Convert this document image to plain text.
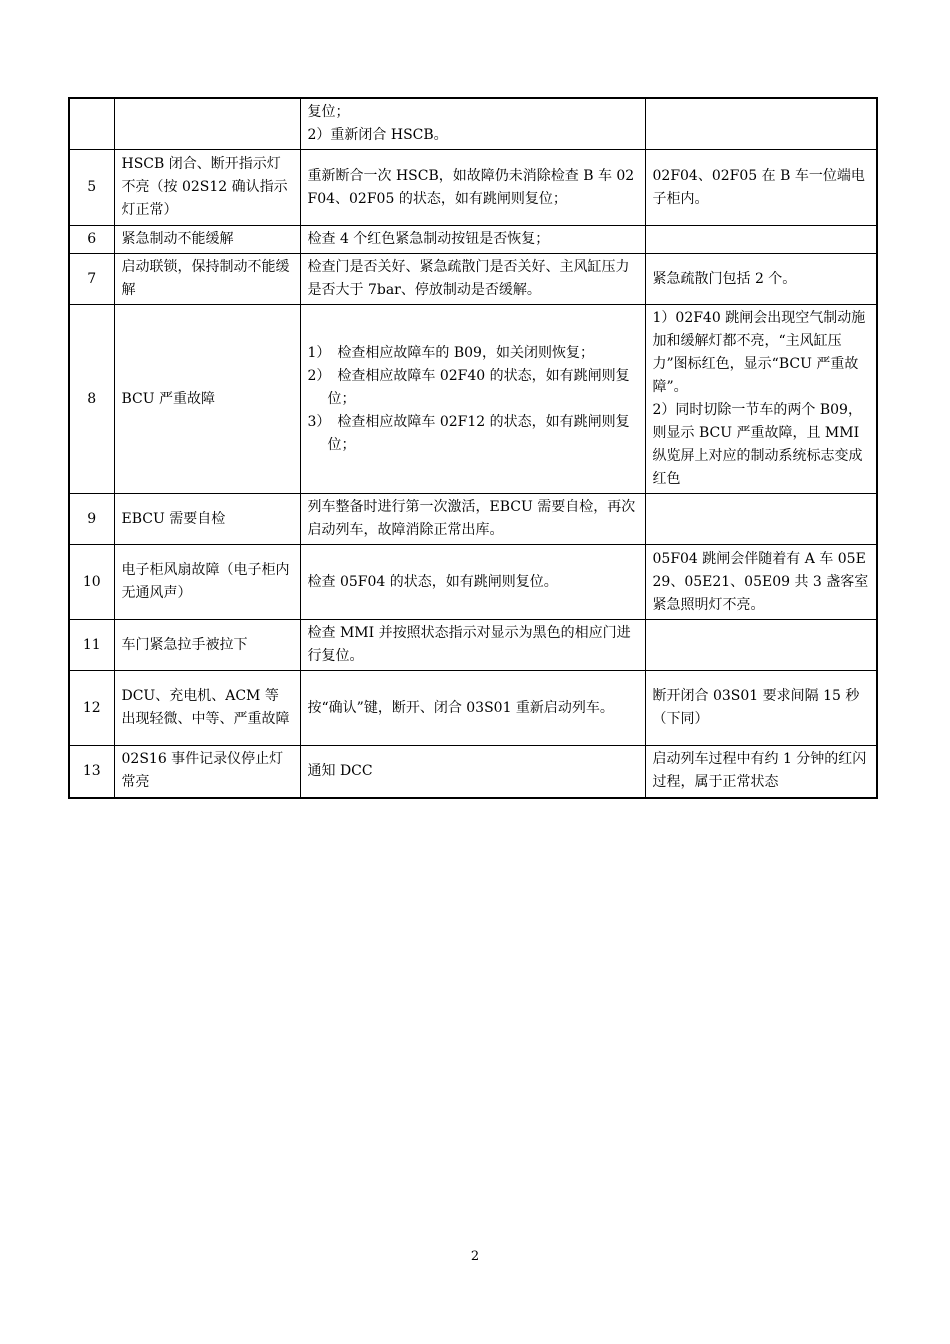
		复位；
2）重新闭合 HSCB。	

5	HSCB 闭合、断开指示灯不亮（按 02S12 确认指示灯正常）	重新断合一次 HSCB，如故障仍未消除检查 B 车 02F04、02F05 的状态，如有跳闸则复位；	02F04、02F05 在 B 车一位端电子柜内。

6	紧急制动不能缓解	检查 4 个红色紧急制动按钮是否恢复；	

7	启动联锁，保持制动不能缓解	检查门是否关好、紧急疏散门是否关好、主风缸压力是否大于 7bar、停放制动是否缓解。	紧急疏散门包括 2 个。

8	BCU 严重故障	1）　检查相应故障车的 B09，如关闭则恢复；
2）　检查相应故障车 02F40 的状态，如有跳闸则复位；
3）　检查相应故障车 02F12 的状态，如有跳闸则复位；	1）02F40 跳闸会出现空气制动施加和缓解灯都不亮，“主风缸压力”图标红色，显示“BCU 严重故障”。
2）同时切除一节车的两个 B09，则显示 BCU 严重故障，且 MMI 纵览屏上对应的制动系统标志变成红色

9	EBCU 需要自检	列车整备时进行第一次激活，EBCU 需要自检，再次启动列车，故障消除正常出库。	

10	电子柜风扇故障（电子柜内无通风声）	检查 05F04 的状态，如有跳闸则复位。	05F04 跳闸会伴随着有 A 车 05E29、05E21、05E09 共 3 盏客室紧急照明灯不亮。

11	车门紧急拉手被拉下	检查 MMI 并按照状态指示对显示为黑色的相应门进行复位。	

12	DCU、充电机、ACM 等出现轻微、中等、严重故障	按“确认”键，断开、闭合 03S01 重新启动列车。	断开闭合 03S01 要求间隔 15 秒（下同）

13	02S16 事件记录仪停止灯常亮	通知 DCC	启动列车过程中有约 1 分钟的红闪过程，属于正常状态
2
